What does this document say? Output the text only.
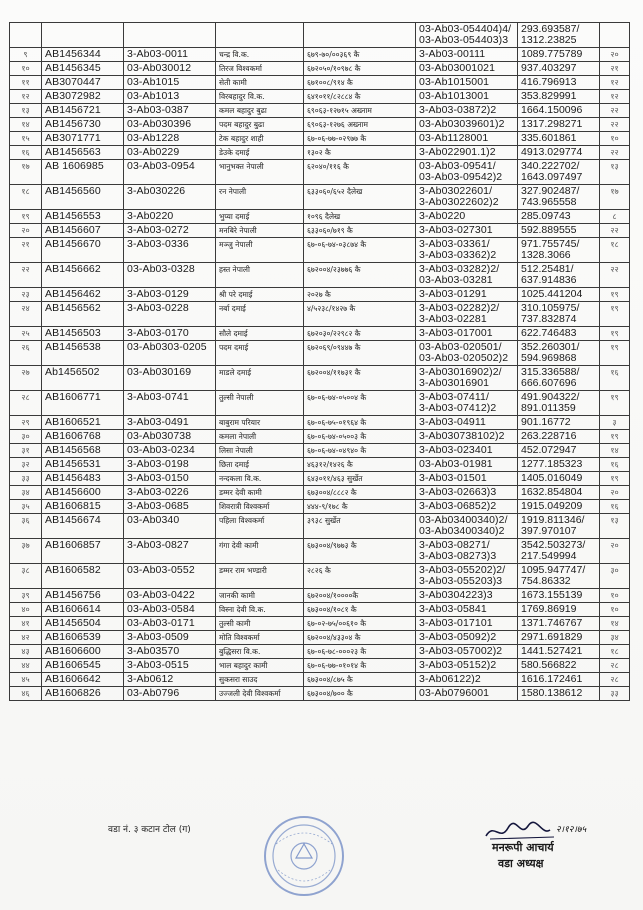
					03-Ab03-054404)4/
03-Ab03-054403)3	293.693587/
1312.23825	

९	AB1456344	3-Ab03-0011	चन्द्र वि.क.	६७९-७०/००३६९ कै	3-Ab03-00111	1089.775789	२०
१०	AB1456345	03-Ab030012	तिरज विश्वकर्मा	६७२०५०/१०९७८ कै	03-Ab03001021	937.403297	२१
११	AB3070447	03-Ab1015	सेती कामी	६७१००८/९१४ कै	03-Ab1015001	416.796913	१२
१२	AB3072982	03-Ab1013	विरबहादुर वि.क.	६४१०११/८२८८४ कै	03-Ab1013001	353.829991	१२
१३	AB1456721	3-Ab03-0387	कमल बहादुर बुढा	६९०६३-१२७१५ अख्नाम	3-Ab03-03872)2	1664.150096	२२
१४	AB1456730	03-Ab030396	पदम बहादुर बुढा	६९०६३-१२७६ अख्नाम	03-Ab03039601)2	1317.298271	२२
१५	AB3071771	03-Ab1228	टेक बहादुर शाही	६७-०६-७७-०२९७७ कै	03-Ab1128001	335.601861	१०
१६	AB1456563	03-Ab0229	डेउके दमाई	१३०२ कै	3-Ab022901.1)2	4913.029774	२२
१७	AB 1606985	03-Ab03-0954	भानुभक्त नेपाली	६२०४०/११६ कै	03-Ab03-09541/
03-Ab03-09542)2	340.222702/
1643.097497	१३
१८	AB1456560	3-Ab030226	रन नेपाली	६३३०६०/६५२ दैलेख	3-Ab03022601/
3-Ab03022602)2	327.902487/
743.965558	१७
१९	AB1456553	3-Ab0220	भुप्या दमाई	१०९६ दैलेख	3-Ab0220	285.09743	८
२०	AB1456607	3-Ab03-0272	मनबिरे नेपाली	६३३०६०/७१९ कै	3-Ab03-027301	592.889555	२२
२१	AB1456670	3-Ab03-0336	मञ्जु नेपाली	६७-०६-७४-०३८७४ कै	3-Ab03-03361/
3-Ab03-03362)2	971.755745/
1328.3066	१८
२२	AB1456662	03-Ab03-0328	हस्त नेपाली	६७२००४/२३७७६ कै	3-Ab03-03282)2/
03-Ab03-03281	512.25481/
637.914836	२२
२३	AB1456462	3-Ab03-0129	श्री परे दमाई	२०२७ कै	3-Ab03-01291	1025.441204	१९
२४	AB1456562	3-Ab03-0228	नर्बा दमाई	४/५२३८/१४२७ कै	3-Ab03-02282)2/
3-Ab03-02281	310.105975/
737.832874	१९
२५	AB1456503	3-Ab03-0170	सौले दमाई	६७२०३०/२२९८२ कै	3-Ab03-017001	622.746483	१९
२६	AB1456538	03-Ab0303-0205	पदम दमाई	६७२०६९/०९४४७ कै	03-Ab03-020501/
03-Ab03-020502)2	352.260301/
594.969868	१९
२७	Ab1456502	03-Ab030169	माडले दमाई	६७२००४/११७३१ कै	3-Ab03016902)2/
3-Ab03016901	315.336588/
666.607696	१६
२८	AB1606771	3-Ab03-0741	तुल्सी नेपाली	६७-०६-७४-०५००४ कै	3-Ab03-07411/
3-Ab03-07412)2	491.904322/
891.011359	१९
२९	AB1606521	3-Ab03-0491	बाबुराम परियार	६७-०६-७५-०१९६४ कै	3-Ab03-04911	901.16772	३
३०	AB1606768	03-Ab030738	कमला नेपाली	६७-०६-७४-०५००३ कै	3-Ab030738102)2	263.228716	१९
३१	AB1456568	03-Ab03-0234	लिसा नेपाली	६७-०६-७४-०४९४० कै	3-Ab03-023401	452.072947	१४
३२	AB1456531	3-Ab03-0198	छिता दमाई	४६३१२/१४२६ कै	03-Ab03-01981	1277.185323	१६
३३	AB1456483	3-Ab03-0150	नन्दकला वि.क.	६४३०११/४६३ सुर्खेत	3-Ab03-01501	1405.016049	१९
३४	AB1456600	3-Ab03-0226	डम्मर देवी कामी	६७३००४/८८८२ कै	3-Ab03-02663)3	1632.854804	२०
३५	AB1606815	3-Ab03-0685	शिवरात्री विश्वकर्मा	४४४-९/१७८ कै	3-Ab03-06852)2	1915.049209	१६
३६	AB1456674	03-Ab0340	पहिला विश्वकर्मा	३९३८ सुर्खेत	03-Ab03400340)2/
03-Ab03400340)2	1919.811346/
397.970107	१३
३७	AB1606857	3-Ab03-0827	गंगा देवी कामी	६७३००४/९७७३ कै	3-Ab03-08271/
3-Ab03-08273)3	3542.503273/
217.549994	२०
३८	AB1606582	03-Ab03-0552	डम्मर राम भण्डारी	२८२६ कै	3-Ab03-055202)2/
3-Ab03-055203)3	1095.947747/
754.86332	३०
३९	AB1456756	03-Ab03-0422	जानकी कामी	६७२००४/१००००कै	3-Ab0304223)3	1673.155139	१०
४०	AB1606614	03-Ab03-0584	विस्ना देवी वि.क.	६७३००४/१०८१ कै	3-Ab03-05841	1769.86919	१०
४१	AB1456504	03-Ab03-0171	तुल्सी कामी	६७-०२-७५/००६१० कै	3-Ab03-017101	1371.746767	१४
४२	AB1606539	3-Ab03-0509	मोति विश्वकर्मा	६७२००४/४३३०४ कै	3-Ab03-05092)2	2971.691829	३४
४३	AB1606600	3-Ab03570	बुद्धिसरा वि.क.	६७-०६-७८-०००२३ कै	3-Ab03-057002)2	1441.527421	१८
४४	AB1606545	3-Ab03-0515	भाल बहादुर कामी	६७-०६-७७-०१०१४ कै	3-Ab03-05152)2	580.566822	२८
४५	AB1606642	3-Ab0612	सुकसरा साउद	६७३००४/८७५ कै	3-Ab06122)2	1616.172461	२८
४६	AB1606826	03-Ab0796	उज्जली देवी विश्वकर्मा	६७३००४/७०० कै	03-Ab0796001	1580.138612	३३
वडा नं. ३ कटान टोल (ग)	२।१२।७५
मनरूपी आचार्य
वडा अध्यक्ष
